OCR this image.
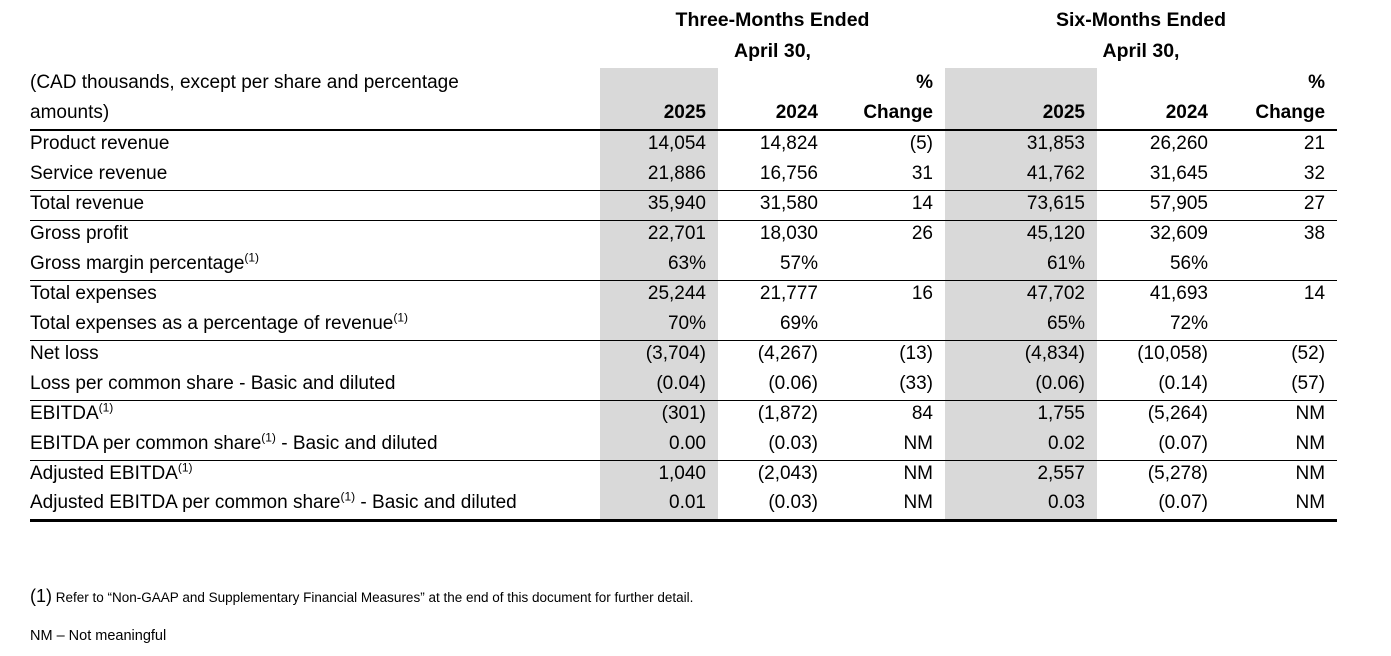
	Three-Months Ended			Six-Months Ended		
	April 30,			April 30,		
(CAD thousands, except per share and percentage			%			%
amounts)	2025	2024	Change	2025	2024	Change
Product revenue	14,054	14,824	(5)	31,853	26,260	21
Service revenue	21,886	16,756	31	41,762	31,645	32
Total revenue	35,940	31,580	14	73,615	57,905	27
Gross profit	22,701	18,030	26	45,120	32,609	38
Gross margin percentage$^{(1)}$	63%	57%		61%	56%	
Total expenses	25,244	21,777	16	47,702	41,693	14
Total expenses as a percentage of revenue$^{(1)}$	70%	69%		65%	72%	
Net loss	(3,704)	(4,267)	(13)	(4,834)	(10,058)	(52)
Loss per common share - Basic and diluted	(0.04)	(0.06)	(33)	(0.06)	(0.14)	(57)
EBITDA$^{(1)}$	(301)	(1,872)	84	1,755	(5,264)	NM
EBITDA per common share$^{(1)}$ - Basic and diluted	0.00	(0.03)	NM	0.02	(0.07)	NM
Adjusted EBITDA$^{(1)}$	1,040	(2,043)	NM	2,557	(5,278)	NM
Adjusted EBITDA per common share$^{(1)}$ - Basic and diluted	0.01	(0.03)	NM	0.03	(0.07)	NM

(1) Refer to “Non-GAAP and Supplementary Financial Measures” at the end of this document for further detail.

NM – Not meaningful
